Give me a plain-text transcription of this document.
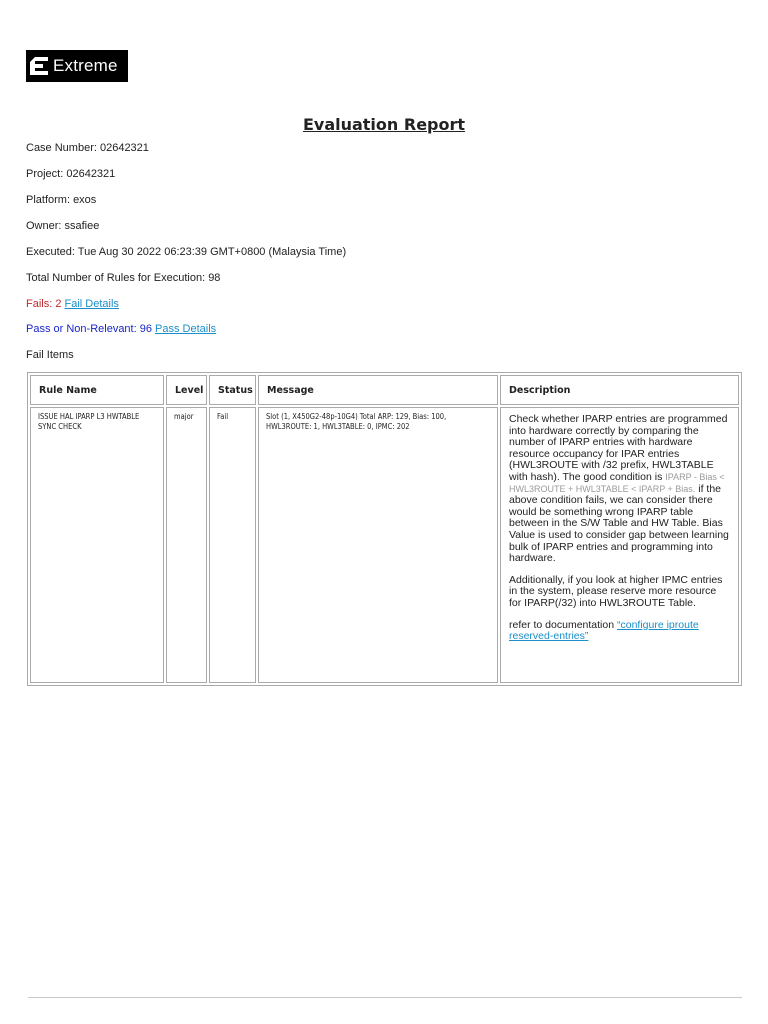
Extreme
Evaluation Report
Case Number: 02642321
Project: 02642321
Platform: exos
Owner: ssafiee
Executed: Tue Aug 30 2022 06:23:39 GMT+0800 (Malaysia Time)
Total Number of Rules for Execution: 98
Fails: 2 Fail Details
Pass or Non-Relevant: 96 Pass Details
Fail Items
Rule Name	Level	Status	Message	Description
ISSUE HAL IPARP L3 HWTABLE SYNC CHECK	major	Fail	Slot (1, X450G2-48p-10G4) Total ARP: 129, Bias: 100, HWL3ROUTE: 1, HWL3TABLE: 0, IPMC: 202	Check whether IPARP entries are programmed into hardware correctly by comparing the number of IPARP entries with hardware resource occupancy for IPAR entries (HWL3ROUTE with /32 prefix, HWL3TABLE with hash). The good condition is IPARP - Bias < HWL3ROUTE + HWL3TABLE < IPARP + Bias. if the above condition fails, we can consider there would be something wrong IPARP table between in the S/W Table and HW Table. Bias Value is used to consider gap between learning bulk of IPARP entries and programming into hardware.

Additionally, if you look at higher IPMC entries in the system, please reserve more resource for IPARP(/32) into HWL3ROUTE Table.

refer to documentation “configure iproute reserved-entries”
